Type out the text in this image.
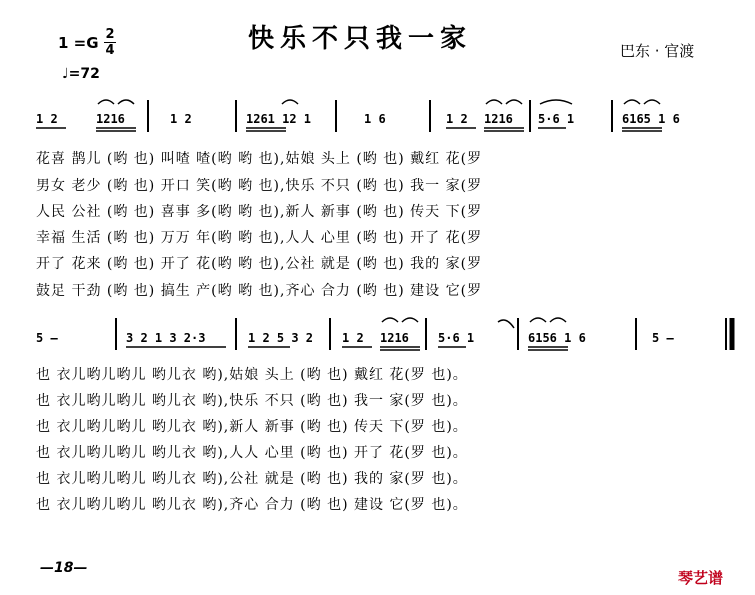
快乐不只我一家
1 =G 2
4
♩=72
巴东 · 官渡
1 2	1216	1 2	1261 12 1	1 6	1 2 1216 5·6 1	6165 1 6
花喜 鹊儿 (哟 也) 叫喳 喳(哟 哟 也),姑娘 头上 (哟 也) 戴红 花(罗
男女 老少 (哟 也) 开口 笑(哟 哟 也),快乐 不只 (哟 也) 我一 家(罗
人民 公社 (哟 也) 喜事 多(哟 哟 也),新人 新事 (哟 也) 传天 下(罗
幸福 生活 (哟 也) 万万 年(哟 哟 也),人人 心里 (哟 也) 开了 花(罗
开了 花来 (哟 也) 开了 花(哟 哟 也),公社 就是 (哟 也) 我的 家(罗
鼓足 干劲 (哟 也) 搞生 产(哟 哟 也),齐心 合力 (哟 也) 建设 它(罗
5 —	3 2 1 3 2·3	1 2 5 3 2 1 2 1216 5·6 1	6156 1 6	5 —
也 衣儿哟儿哟儿 哟儿衣 哟),姑娘 头上 (哟 也) 戴红 花(罗 也)。
也 衣儿哟儿哟儿 哟儿衣 哟),快乐 不只 (哟 也) 我一 家(罗 也)。
也 衣儿哟儿哟儿 哟儿衣 哟),新人 新事 (哟 也) 传天 下(罗 也)。
也 衣儿哟儿哟儿 哟儿衣 哟),人人 心里 (哟 也) 开了 花(罗 也)。
也 衣儿哟儿哟儿 哟儿衣 哟),公社 就是 (哟 也) 我的 家(罗 也)。
也 衣儿哟儿哟儿 哟儿衣 哟),齐心 合力 (哟 也) 建设 它(罗 也)。
—18—
琴艺谱
